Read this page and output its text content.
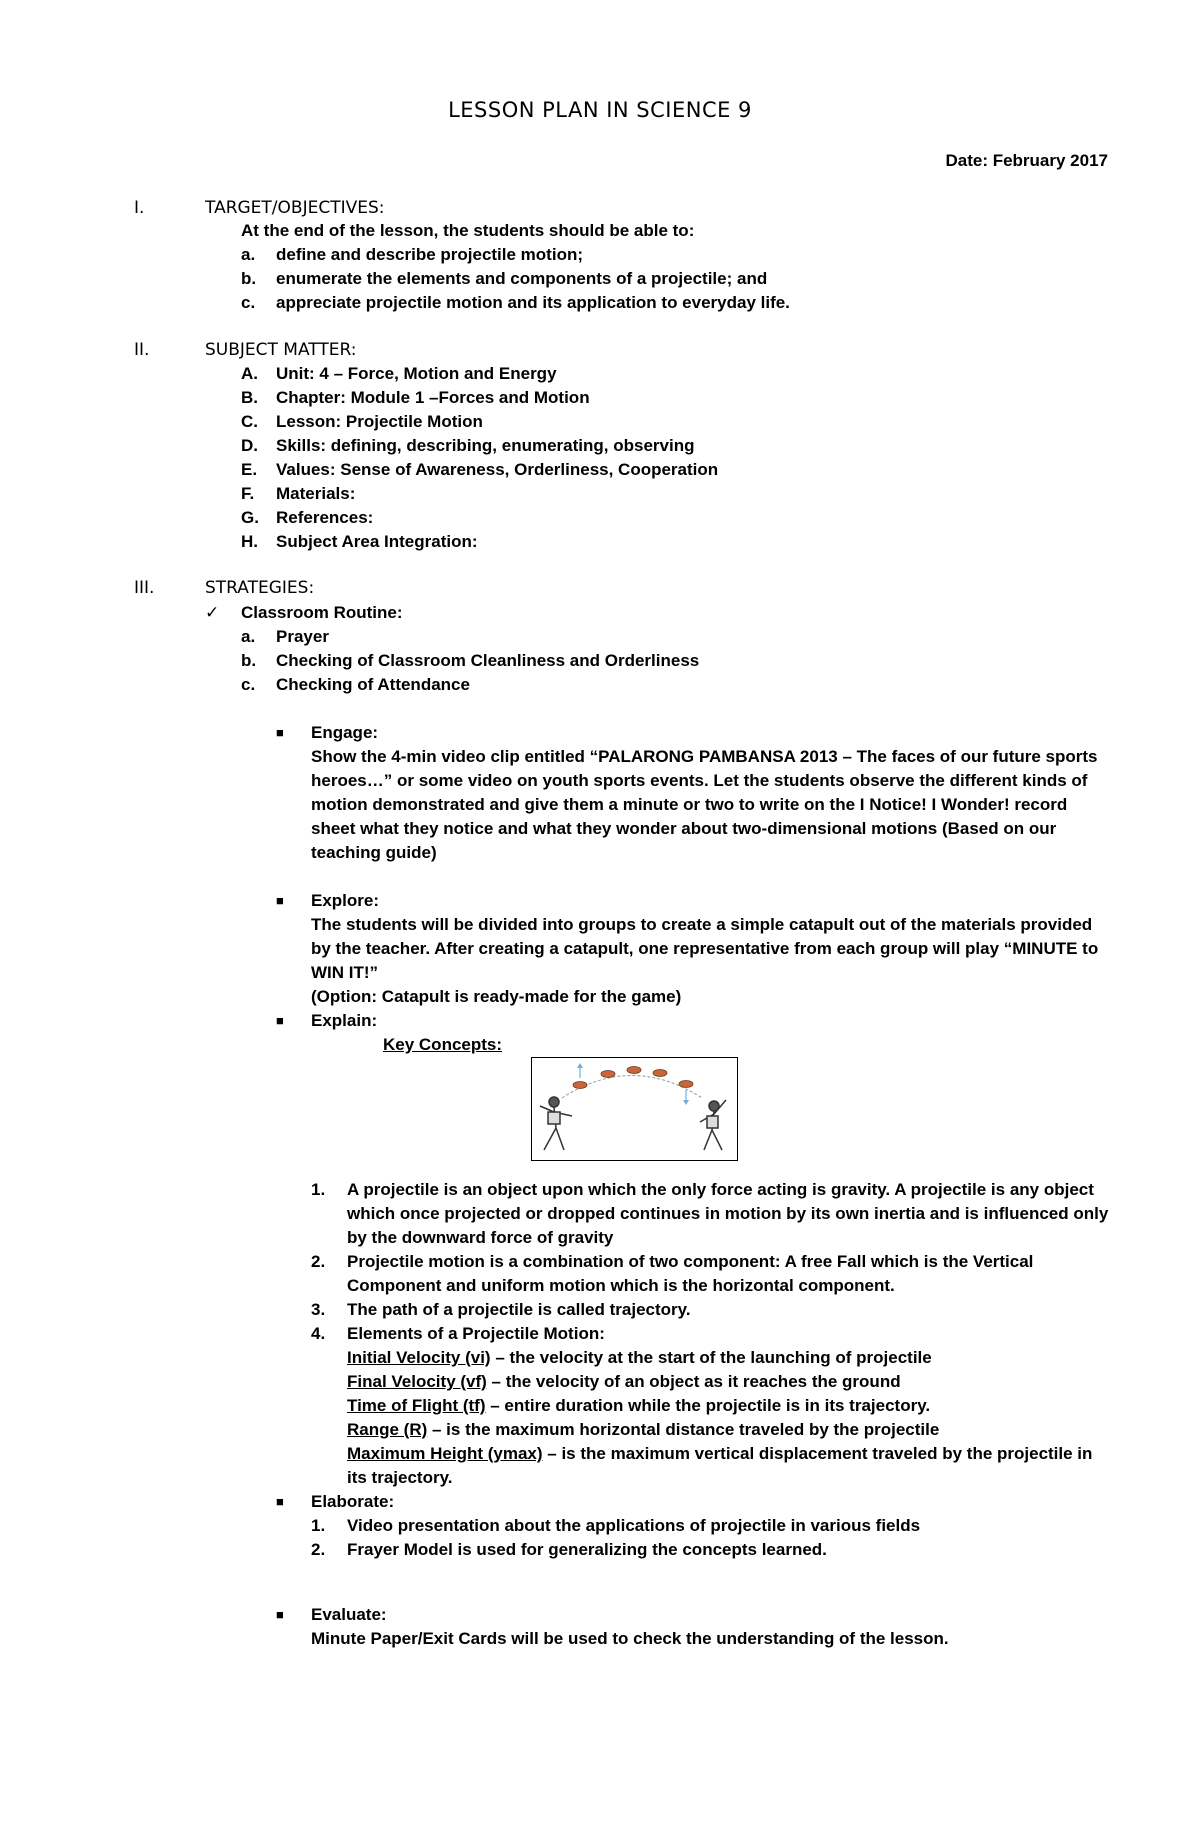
LESSON PLAN IN SCIENCE 9
Date: February 2017
I.	TARGET/OBJECTIVES:
At the end of the lesson, the students should be able to:
a. define and describe projectile motion;
b. enumerate the elements and components of a projectile; and
c. appreciate projectile motion and its application to everyday life.
II.	SUBJECT MATTER:
A. Unit: 4 – Force, Motion and Energy
B. Chapter: Module 1 –Forces and Motion
C. Lesson: Projectile Motion
D. Skills: defining, describing, enumerating, observing
E. Values: Sense of Awareness, Orderliness, Cooperation
F. Materials:
G. References:
H. Subject Area Integration:
III.	STRATEGIES:
✓ Classroom Routine:
a. Prayer
b. Checking of Classroom Cleanliness and Orderliness
c. Checking of Attendance
■ Engage:
Show the 4-min video clip entitled “PALARONG PAMBANSA 2013 – The faces of our future sports
heroes…” or some video on youth sports events. Let the students observe the different kinds of
motion demonstrated and give them a minute or two to write on the I Notice! I Wonder! record
sheet what they notice and what they wonder about two-dimensional motions (Based on our
teaching guide)
■ Explore:
The students will be divided into groups to create a simple catapult out of the materials provided
by the teacher. After creating a catapult, one representative from each group will play “MINUTE to
WIN IT!”
(Option: Catapult is ready-made for the game)
■ Explain:
Key Concepts:
1. A projectile is an object upon which the only force acting is gravity. A projectile is any object
which once projected or dropped continues in motion by its own inertia and is influenced only
by the downward force of gravity
2. Projectile motion is a combination of two component: A free Fall which is the Vertical
Component and uniform motion which is the horizontal component.
3. The path of a projectile is called trajectory.
4. Elements of a Projectile Motion:
Initial Velocity (vi) – the velocity at the start of the launching of projectile
Final Velocity (vf) – the velocity of an object as it reaches the ground
Time of Flight (tf) – entire duration while the projectile is in its trajectory.
Range (R) – is the maximum horizontal distance traveled by the projectile
Maximum Height (ymax) – is the maximum vertical displacement traveled by the projectile in
its trajectory.
■ Elaborate:
1. Video presentation about the applications of projectile in various fields
2. Frayer Model is used for generalizing the concepts learned.
■ Evaluate:
Minute Paper/Exit Cards will be used to check the understanding of the lesson.
